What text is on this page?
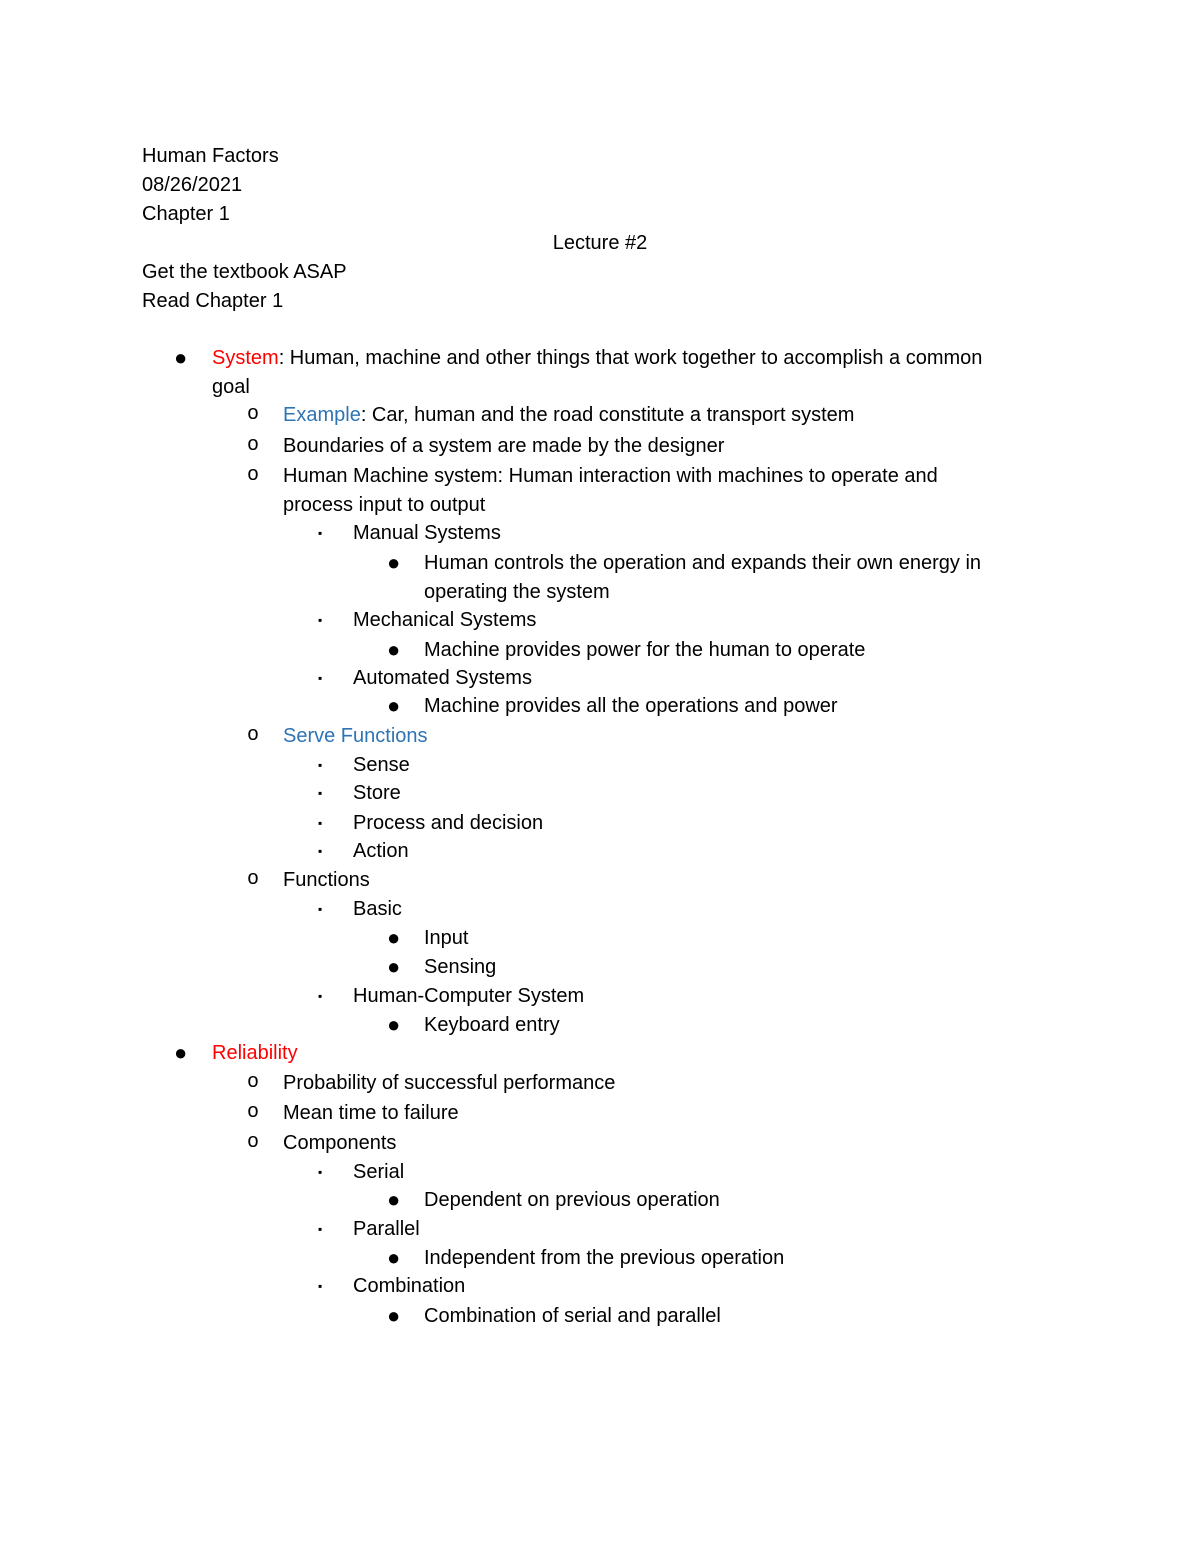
Human Factors
08/26/2021
Chapter 1
Lecture #2
Get the textbook ASAP
Read Chapter 1
● System: Human, machine and other things that work together to accomplish a common
goal
o Example: Car, human and the road constitute a transport system
o Boundaries of a system are made by the designer
o Human Machine system: Human interaction with machines to operate and
process input to output
▪ Manual Systems
● Human controls the operation and expands their own energy in
operating the system
▪ Mechanical Systems
● Machine provides power for the human to operate
▪ Automated Systems
● Machine provides all the operations and power
o Serve Functions
▪ Sense
▪ Store
▪ Process and decision
▪ Action
o Functions
▪ Basic
● Input
● Sensing
▪ Human-Computer System
● Keyboard entry
● Reliability
o Probability of successful performance
o Mean time to failure
o Components
▪ Serial
● Dependent on previous operation
▪ Parallel
● Independent from the previous operation
▪ Combination
● Combination of serial and parallel
